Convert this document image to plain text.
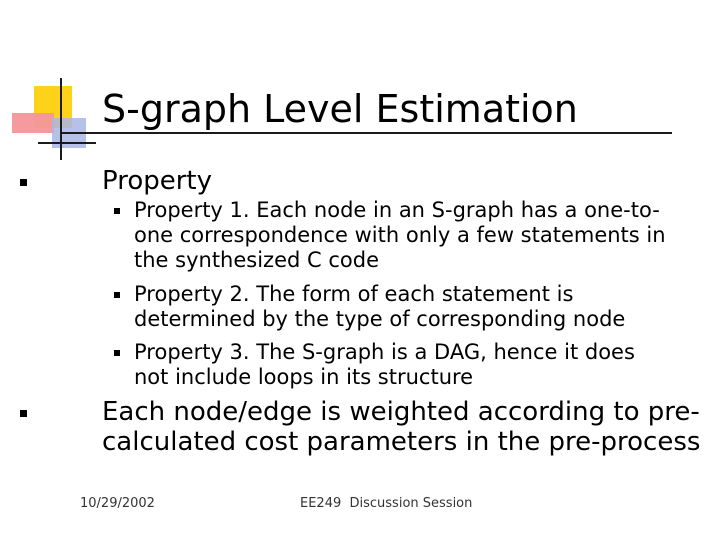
S-graph Level Estimation
Property
Property 1. Each node in an S-graph has a one-to-
one correspondence with only a few statements in
the synthesized C code
Property 2. The form of each statement is
determined by the type of corresponding node
Property 3. The S-graph is a DAG, hence it does
not include loops in its structure
Each node/edge is weighted according to pre-
calculated cost parameters in the pre-process
10/29/2002	EE249  Discussion Session
